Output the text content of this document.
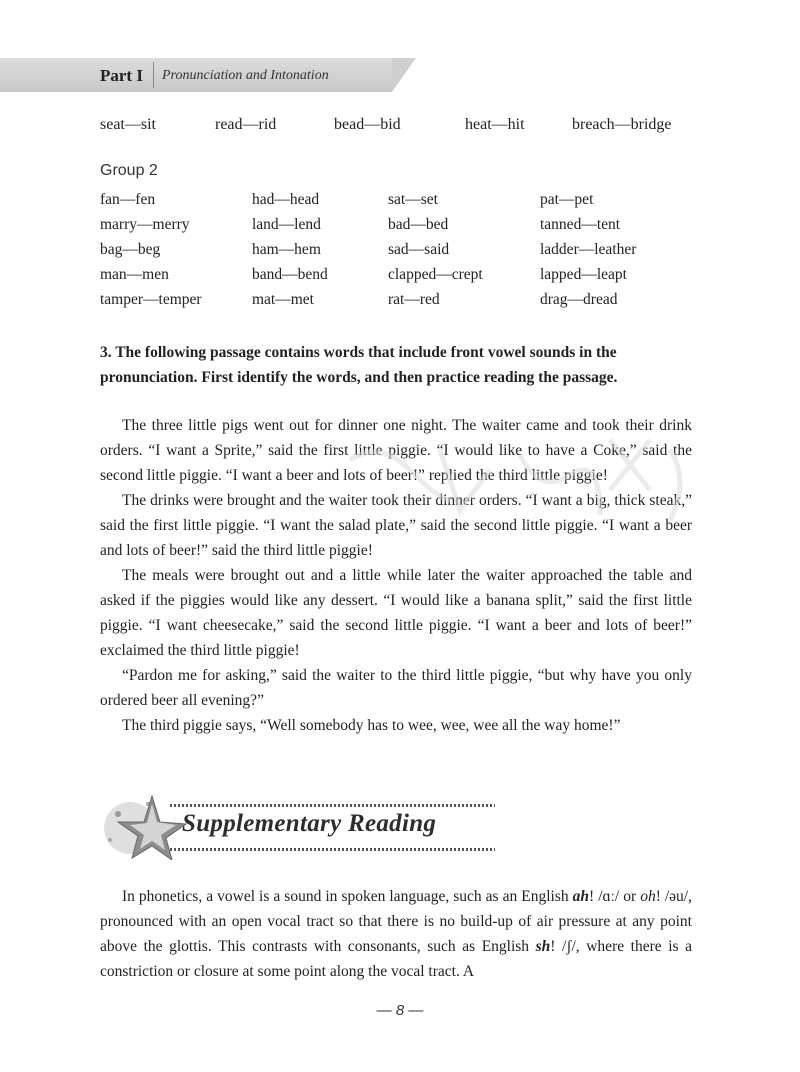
Part I Pronunciation and Intonation
seat—sit	read—rid	bead—bid	heat—hit	breach—bridge
Group 2
fan—fen	had—head	sat—set	pat—pet
marry—merry	land—lend	bad—bed	tanned—tent
bag—beg	ham—hem	sad—said	ladder—leather
man—men	band—bend	clapped—crept	lapped—leapt
tamper—temper	mat—met	rat—red	drag—dread
3. The following passage contains words that include front vowel sounds in the pronunciation. First identify the words, and then practice reading the passage.

The three little pigs went out for dinner one night. The waiter came and took their drink orders. “I want a Sprite,” said the first little piggie. “I would like to have a Coke,” said the second little piggie. “I want a beer and lots of beer!” replied the third little piggie!

The drinks were brought and the waiter took their dinner orders. “I want a big, thick steak,” said the first little piggie. “I want the salad plate,” said the second little piggie. “I want a beer and lots of beer!” said the third little piggie!

The meals were brought out and a little while later the waiter approached the table and asked if the piggies would like any dessert. “I would like a banana split,” said the first little piggie. “I want cheesecake,” said the second little piggie. “I want a beer and lots of beer!” exclaimed the third little piggie!

“Pardon me for asking,” said the waiter to the third little piggie, “but why have you only ordered beer all evening?”

The third piggie says, “Well somebody has to wee, wee, wee all the way home!”

Supplementary Reading

In phonetics, a vowel is a sound in spoken language, such as an English ah! /ɑː/ or oh! /əu/, pronounced with an open vocal tract so that there is no build-up of air pressure at any point above the glottis. This contrasts with consonants, such as English sh! /ʃ/, where there is a constriction or closure at some point along the vocal tract. A

— 8 —
